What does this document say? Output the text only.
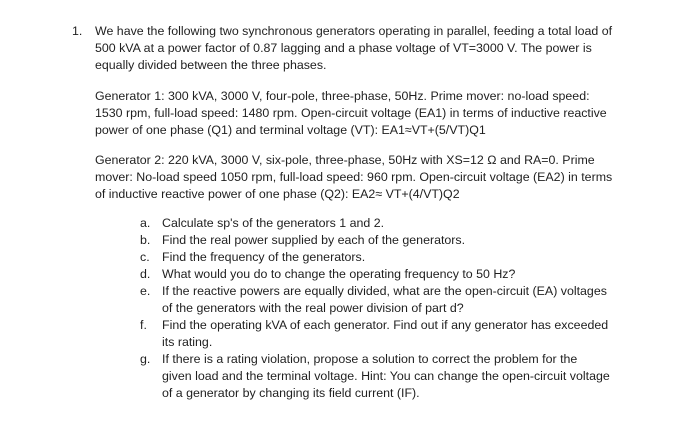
1. We have the following two synchronous generators operating in parallel, feeding a total load of 500 kVA at a power factor of 0.87 lagging and a phase voltage of VT=3000 V. The power is equally divided between the three phases.

Generator 1: 300 kVA, 3000 V, four-pole, three-phase, 50Hz. Prime mover: no-load speed: 1530 rpm, full-load speed: 1480 rpm. Open-circuit voltage (EA1) in terms of inductive reactive power of one phase (Q1) and terminal voltage (VT): EA1≈VT+(5/VT)Q1

Generator 2: 220 kVA, 3000 V, six-pole, three-phase, 50Hz with XS=12 Ω and RA=0. Prime mover: No-load speed 1050 rpm, full-load speed: 960 rpm. Open-circuit voltage (EA2) in terms of inductive reactive power of one phase (Q2): EA2≈ VT+(4/VT)Q2

a. Calculate sp's of the generators 1 and 2.
b. Find the real power supplied by each of the generators.
c. Find the frequency of the generators.
d. What would you do to change the operating frequency to 50 Hz?
e. If the reactive powers are equally divided, what are the open-circuit (EA) voltages of the generators with the real power division of part d?
f.	Find the operating kVA of each generator. Find out if any generator has exceeded its rating.
g. If there is a rating violation, propose a solution to correct the problem for the given load and the terminal voltage. Hint: You can change the open-circuit voltage of a generator by changing its field current (IF).
